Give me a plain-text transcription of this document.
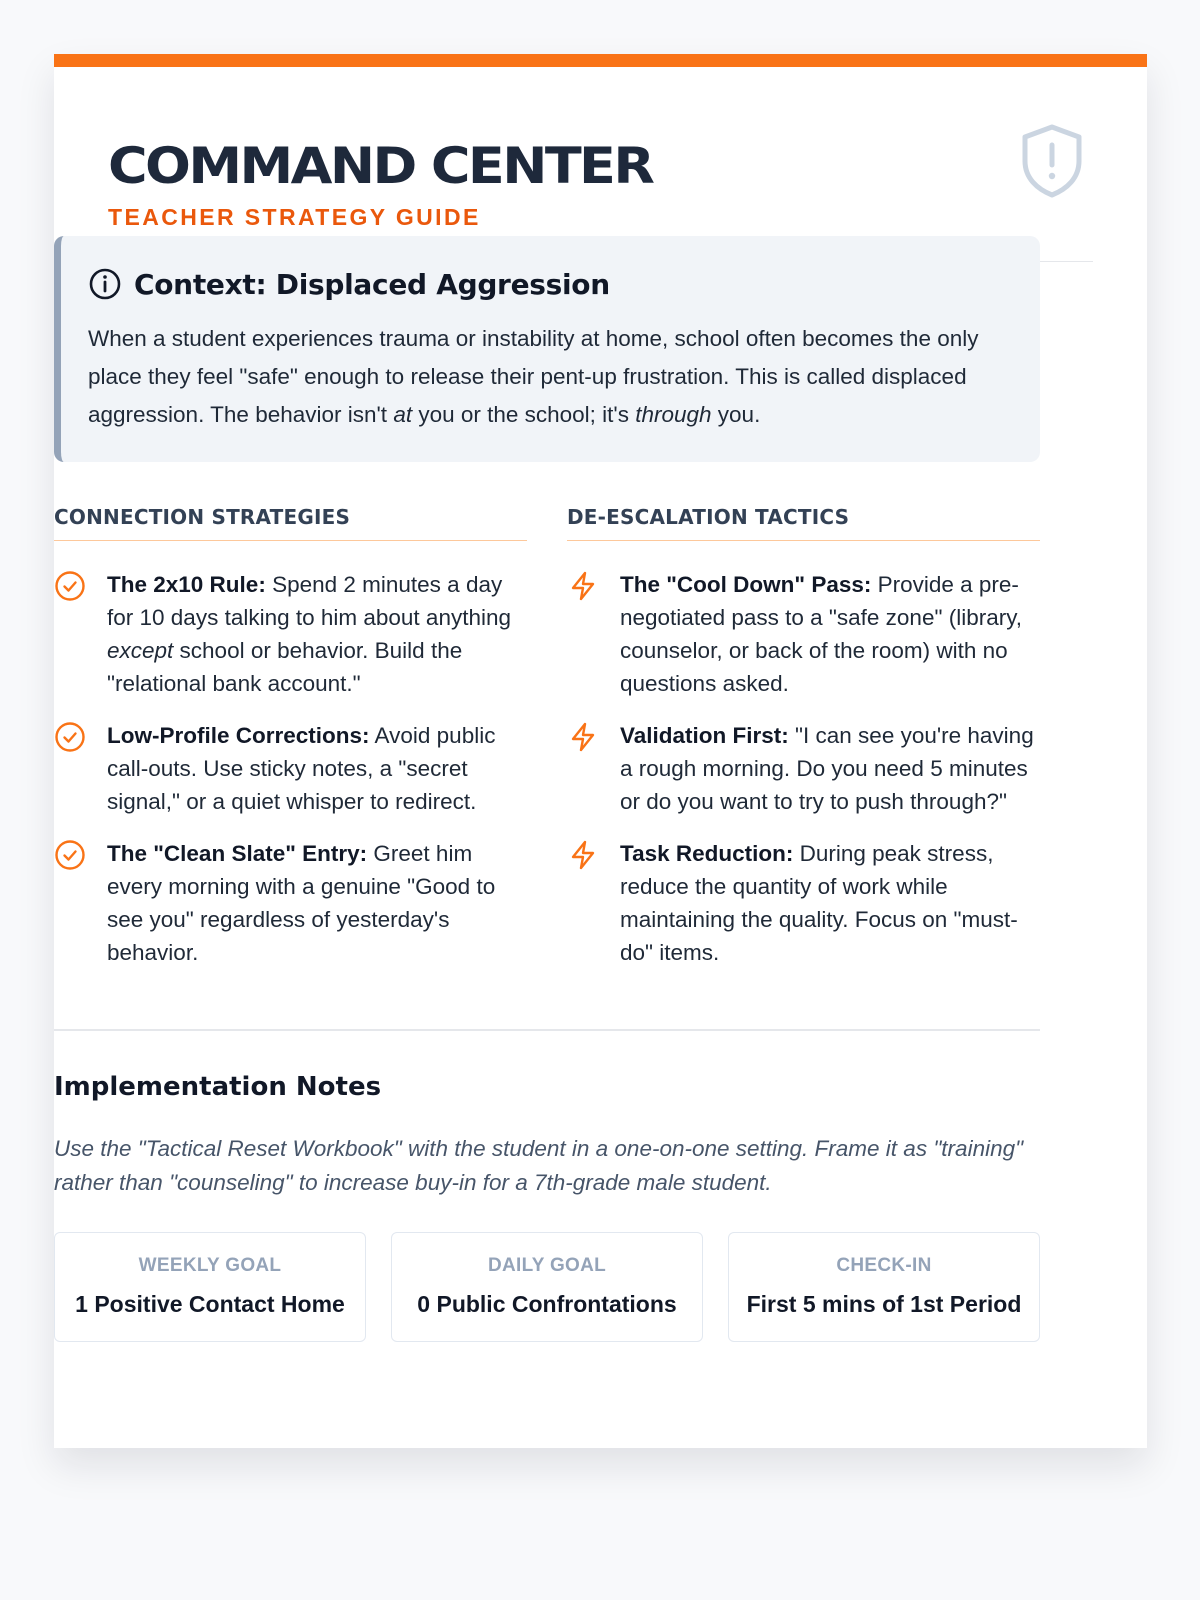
COMMAND CENTER
TEACHER STRATEGY GUIDE
Context: Displaced Aggression

When a student experiences trauma or instability at home, school often becomes the only place they feel "safe" enough to release their pent-up frustration. This is called displaced aggression. The behavior isn't at you or the school; it's through you.

CONNECTION STRATEGIES	DE-ESCALATION TACTICS
The 2x10 Rule: Spend 2 minutes a day for 10 days talking to him about anything except school or behavior. Build the "relational bank account."
Low-Profile Corrections: Avoid public call-outs. Use sticky notes, a "secret signal," or a quiet whisper to redirect.
The "Clean Slate" Entry: Greet him every morning with a genuine "Good to see you" regardless of yesterday's behavior.
The "Cool Down" Pass: Provide a pre-negotiated pass to a "safe zone" (library, counselor, or back of the room) with no questions asked.
Validation First: "I can see you're having a rough morning. Do you need 5 minutes or do you want to try to push through?"
Task Reduction: During peak stress, reduce the quantity of work while maintaining the quality. Focus on "must-do" items.
Implementation Notes

Use the "Tactical Reset Workbook" with the student in a one-on-one setting. Frame it as "training" rather than "counseling" to increase buy-in for a 7th-grade male student.

WEEKLY GOAL
1 Positive Contact Home
DAILY GOAL
0 Public Confrontations
CHECK-IN
First 5 mins of 1st Period
